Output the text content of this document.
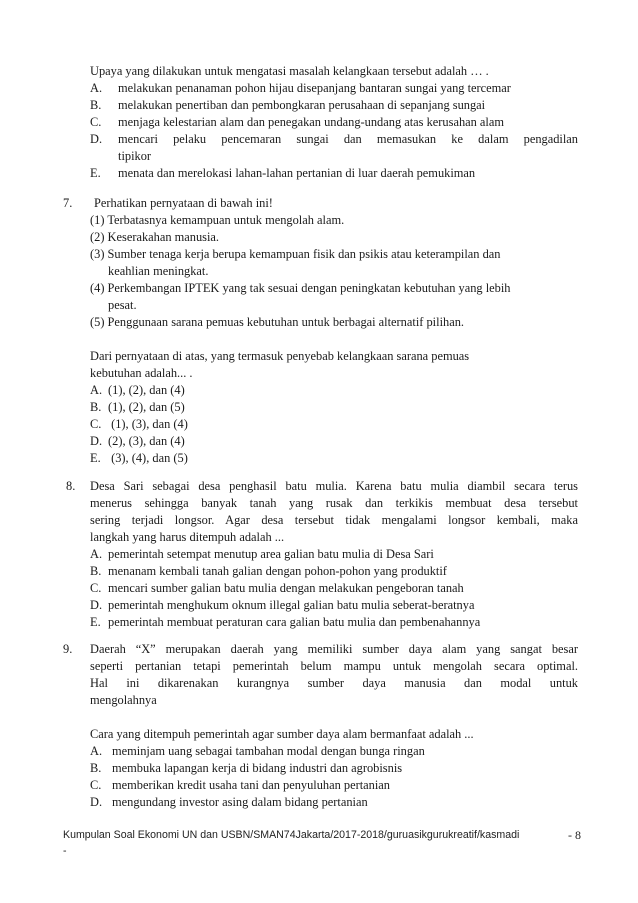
Upaya yang dilakukan untuk mengatasi masalah kelangkaan tersebut adalah … .
A. melakukan penanaman pohon hijau disepanjang bantaran sungai yang tercemar
B. melakukan penertiban dan pembongkaran perusahaan di sepanjang sungai
C. menjaga kelestarian alam dan penegakan undang-undang atas kerusahan alam
D. mencari pelaku pencemaran sungai dan memasukan ke dalam pengadilan
tipikor
E. menata dan merelokasi lahan-lahan pertanian di luar daerah pemukiman
7. Perhatikan pernyataan di bawah ini!
(1) Terbatasnya kemampuan untuk mengolah alam.
(2) Keserakahan manusia.
(3) Sumber tenaga kerja berupa kemampuan fisik dan psikis atau keterampilan dan
keahlian meningkat.
(4) Perkembangan IPTEK yang tak sesuai dengan peningkatan kebutuhan yang lebih
pesat.
(5) Penggunaan sarana pemuas kebutuhan untuk berbagai alternatif pilihan.
Dari pernyataan di atas, yang termasuk penyebab kelangkaan sarana pemuas
kebutuhan adalah... .
A. (1), (2), dan (4)
B. (1), (2), dan (5)
C. (1), (3), dan (4)
D. (2), (3), dan (4)
E. (3), (4), dan (5)
8. Desa Sari sebagai desa penghasil batu mulia. Karena batu mulia diambil secara terus
menerus sehingga banyak tanah yang rusak dan terkikis membuat desa tersebut
sering terjadi longsor. Agar desa tersebut tidak mengalami longsor kembali, maka
langkah yang harus ditempuh adalah ...
A. pemerintah setempat menutup area galian batu mulia di Desa Sari
B. menanam kembali tanah galian dengan pohon-pohon yang produktif
C. mencari sumber galian batu mulia dengan melakukan pengeboran tanah
D. pemerintah menghukum oknum illegal galian batu mulia seberat-beratnya
E. pemerintah membuat peraturan cara galian batu mulia dan pembenahannya
9. Daerah “X” merupakan daerah yang memiliki sumber daya alam yang sangat besar
seperti pertanian tetapi pemerintah belum mampu untuk mengolah secara optimal.
Hal ini dikarenakan kurangnya sumber daya manusia dan modal untuk
mengolahnya
Cara yang ditempuh pemerintah agar sumber daya alam bermanfaat adalah ...
A. meminjam uang sebagai tambahan modal dengan bunga ringan
B. membuka lapangan kerja di bidang industri dan agrobisnis
C. memberikan kredit usaha tani dan penyuluhan pertanian
D. mengundang investor asing dalam bidang pertanian
Kumpulan Soal Ekonomi UN dan USBN/SMAN74Jakarta/2017-2018/guruasikgurukreatif/kasmadi	- 8
-
